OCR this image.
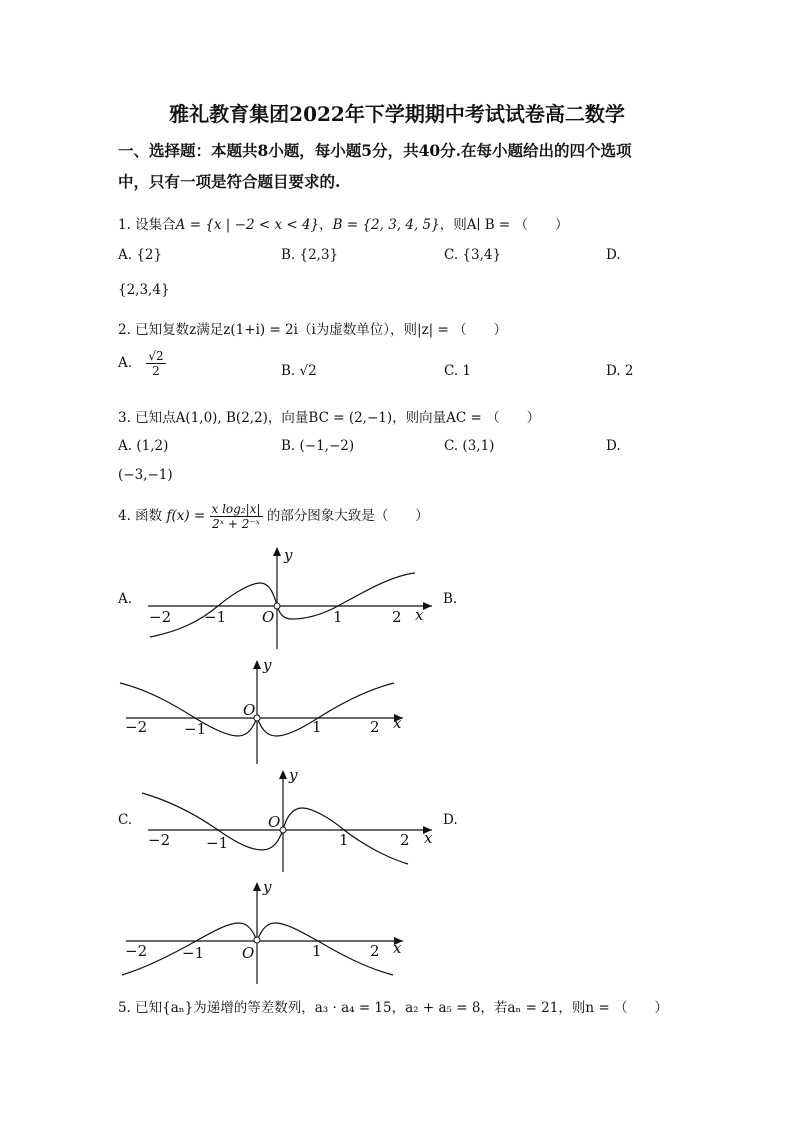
雅礼教育集团2022年下学期期中考试试卷高二数学
一、选择题：本题共8小题，每小题5分，共40分.在每小题给出的四个选项
中，只有一项是符合题目要求的.
1. 设集合A = {x | −2 < x < 4}，B = {2, 3, 4, 5}，则A∣ B = （　　）
A. {2}	B. {2,3}	C. {3,4}	D.
{2,3,4}
2. 已知复数z满足z(1+i) = 2i（i为虚数单位），则|z| = （　　）
A. $\frac{√2}{2}$	B. √2	C. 1	D. 2
3. 已知点A(1,0), B(2,2)，向量BC = (2,−1)，则向量AC = （　　）
A. (1,2)	B. (−1,−2)	C. (3,1)	D.
(−3,−1)
4. 函数 $f(x) = \frac{\text{x log₂|x|}}{\text{2ˣ + 2⁻ˣ}}$ 的部分图象大致是（　　）
A.	B.
C.	D.
−2 −1 O	1	2 x
y
−2 −1
O
1	2 x
y
−2 −1
O
1	2 x
y
−2 −1	O	1	2 x
y
5. 已知{aₙ}为递增的等差数列，a₃ · a₄ = 15，a₂ + a₅ = 8，若aₙ = 21，则n = （　　）
